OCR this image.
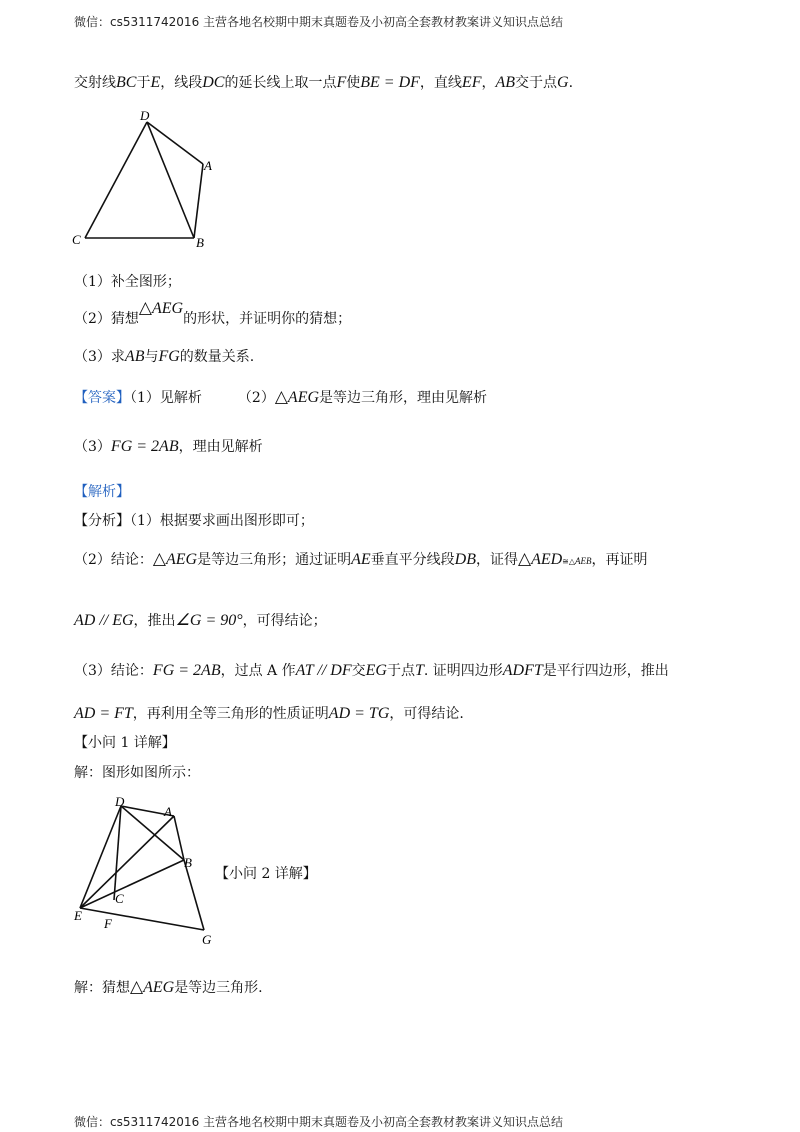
微信：cs5311742016 主营各地名校期中期末真题卷及小初高全套教材教案讲义知识点总结
交射线BC于E，线段DC的延长线上取一点F使BE = DF，直线EF，AB交于点G.
D
A
C	B
（1）补全图形；
（2）猜想△AEG的形状，并证明你的猜想；
（3）求AB与FG的数量关系.
【答案】（1）见解析	（2）△AEG是等边三角形，理由见解析
（3）FG = 2AB，理由见解析
【解析】
【分析】（1）根据要求画出图形即可；
（2）结论：△AEG是等边三角形；通过证明AE垂直平分线段DB，证得△AED≅△AEB，再证明
AD // EG，推出∠G = 90°，可得结论；
（3）结论：FG = 2AB，过点 A 作AT // DF交EG于点T. 证明四边形ADFT是平行四边形，推出
AD = FT，再利用全等三角形的性质证明AD = TG，可得结论.
【小问 1 详解】
解：图形如图所示：
D
A
B
C
E
F
G
【小问 2 详解】
解：猜想△AEG是等边三角形.
微信：cs5311742016 主营各地名校期中期末真题卷及小初高全套教材教案讲义知识点总结
